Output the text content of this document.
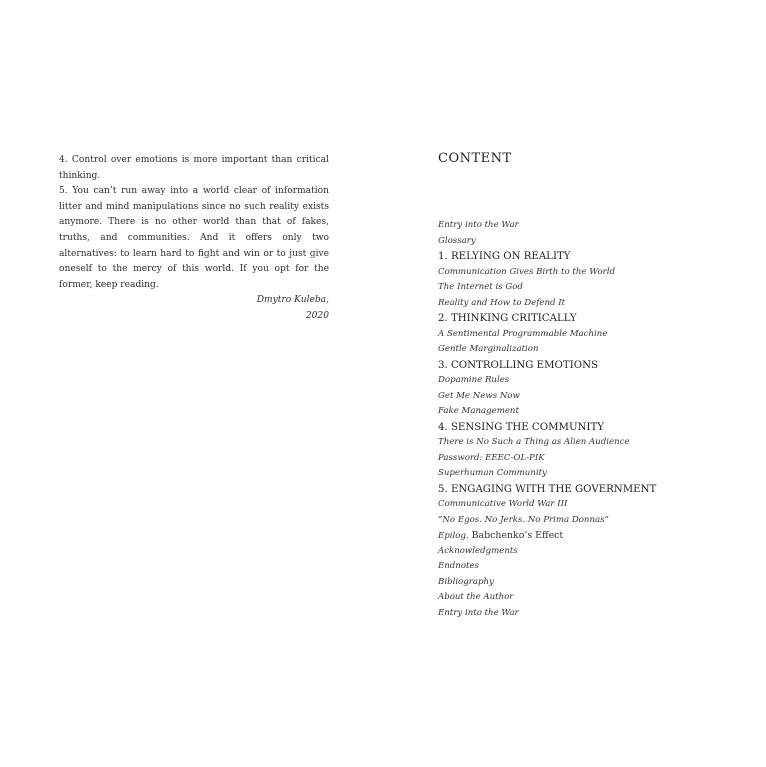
4. Control over emotions is more important than critical thinking.

5. You can’t run away into a world clear of information litter and mind manipulations since no such reality exists anymore. There is no other world than that of fakes, truths, and communities. And it offers only two alternatives: to learn hard to fight and win or to just give oneself to the mercy of this world. If you opt for the former, keep reading.

Dmytro Kuleba,

2020

CONTENT
Entry into the War
Glossary
1. RELYING ON REALITY
Communication Gives Birth to the World
The Internet is God
Reality and How to Defend It
2. THINKING CRITICALLY
A Sentimental Programmable Machine
Gentle Marginalization
3. CONTROLLING EMOTIONS
Dopamine Rules
Get Me News Now
Fake Management
4. SENSING THE COMMUNITY
There is No Such a Thing as Alien Audience
Password: EEEC-OL-PIK
Superhuman Community
5. ENGAGING WITH THE GOVERNMENT
Communicative World War III
“No Egos. No Jerks. No Prima Donnas”
Epilog. Babchenko’s Effect
Acknowledgments
Endnotes
Bibliography
About the Author
Entry into the War
